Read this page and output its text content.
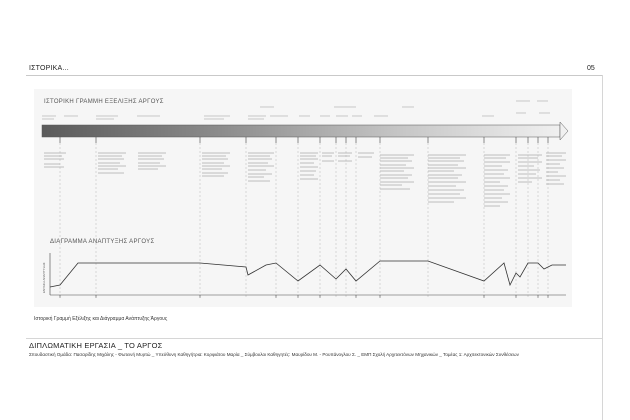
ΙΣΤΟΡΙΚΑ...	05
ΙΣΤΟΡΙΚΗ ΓΡΑΜΜΗ ΕΞΕΛΙΞΗΣ ΑΡΓΟΥΣ
ΔΙΑΓΡΑΜΜΑ ΑΝΑΠΤΥΞΗΣ ΑΡΓΟΥΣ
ΕΝΤΑΣΗ ΑΝΑΠΤΥΞΗΣ
Ιστορική Γραμμή Εξέλιξης και Διάγραμμα Ανάπτυξης Άργους
ΔΙΠΛΩΜΑΤΙΚΗ ΕΡΓΑΣΙΑ _ ΤΟ ΑΡΓΟΣ
Σπουδαστική Ομάδα: Πασαρίδης Μιχάλης - Φωτεινή Μυρτώ _ Υπεύθυνη Καθηγήτρια: Κορφιάτου Μαρία _ Σύμβουλοι Καθηγητές: Μαυρίδου Μ. - Ρουπάνογλου Σ. _ ΕΜΠ Σχολή Αρχιτεκτόνων Μηχανικών _ Τομέας 1: Αρχιτεκτονικών Συνθέσεων
